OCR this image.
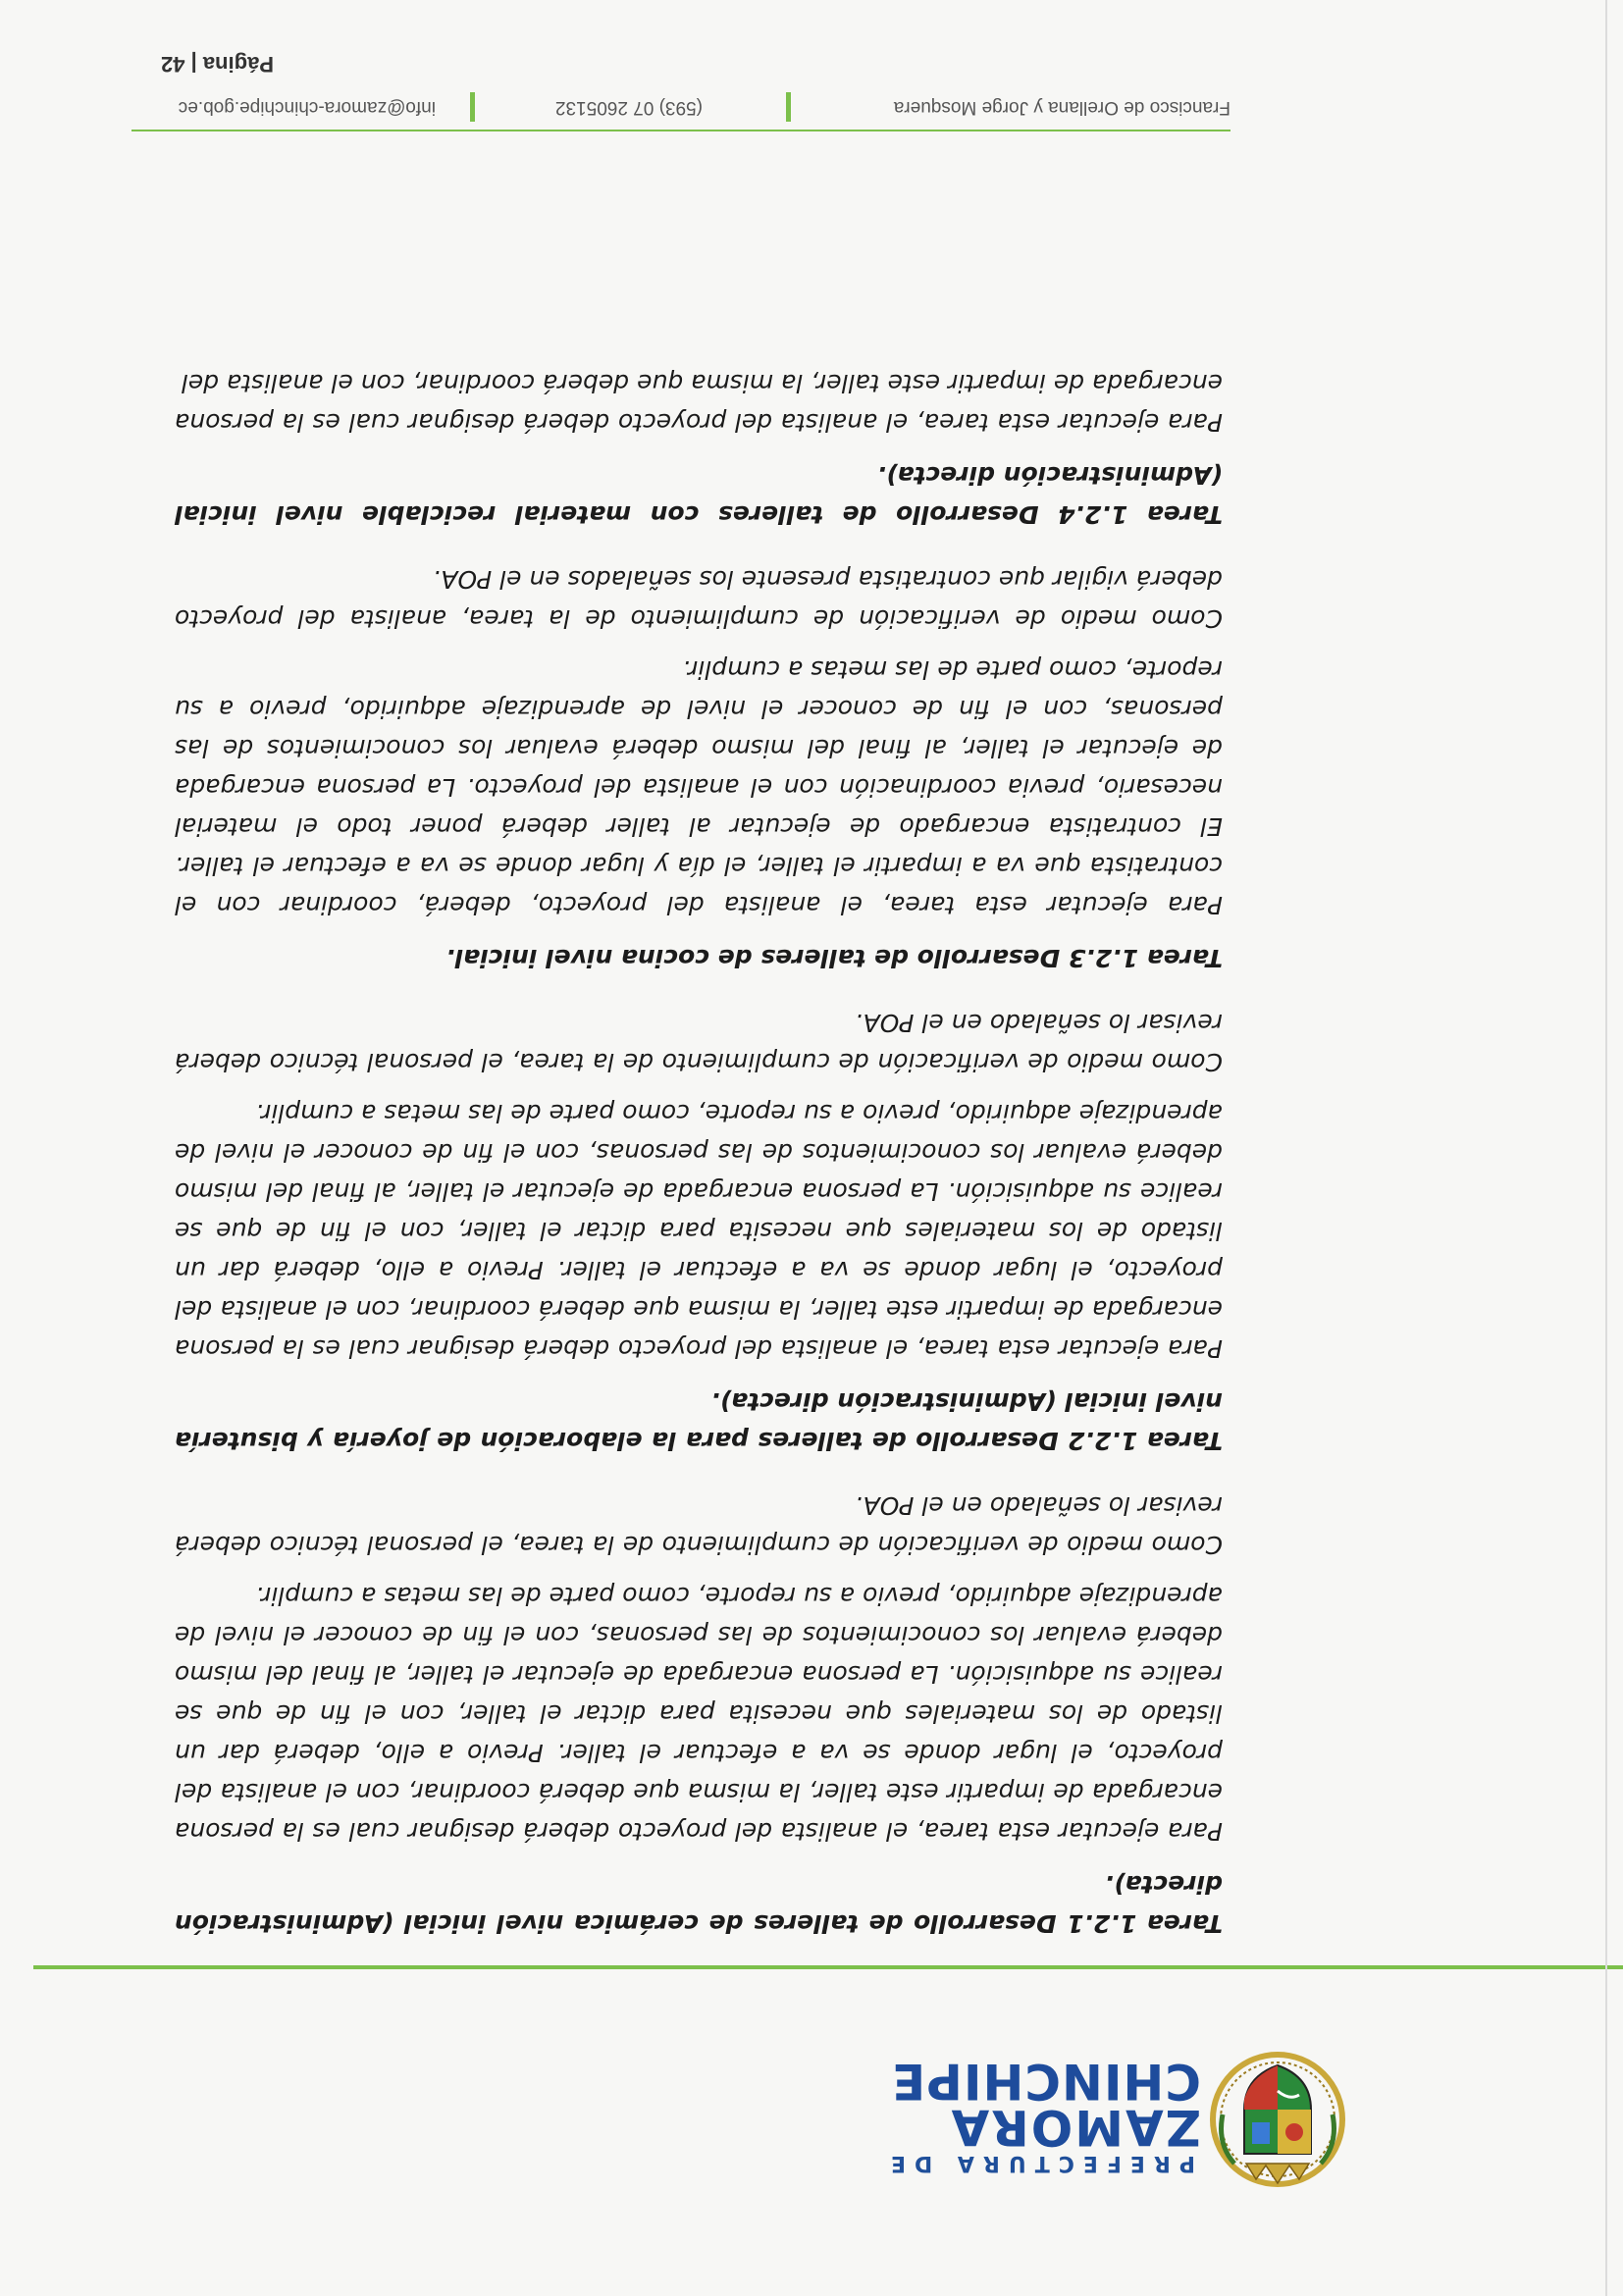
PREFECTURA DE
ZAMORA
CHINCHIPE

Tarea 1.2.1 Desarrollo de talleres de cerámica nivel inicial (Administración directa).

Para ejecutar esta tarea, el analista del proyecto deberá designar cual es la persona encargada de impartir este taller, la misma que deberá coordinar, con el analista del proyecto, el lugar donde se va a efectuar el taller. Previo a ello, deberá dar un listado de los materiales que necesita para dictar el taller, con el fin de que se realice su adquisición. La persona encargada de ejecutar el taller, al final del mismo deberá evaluar los conocimientos de las personas, con el fin de conocer el nivel de aprendizaje adquirido, previo a su reporte, como parte de las metas a cumplir.

Como medio de verificación de cumplimiento de la tarea, el personal técnico deberá revisar lo señalado en el POA.

Tarea 1.2.2 Desarrollo de talleres para la elaboración de joyería y bisutería nivel inicial (Administración directa).

Para ejecutar esta tarea, el analista del proyecto deberá designar cual es la persona encargada de impartir este taller, la misma que deberá coordinar, con el analista del proyecto, el lugar donde se va a efectuar el taller. Previo a ello, deberá dar un listado de los materiales que necesita para dictar el taller, con el fin de que se realice su adquisición. La persona encargada de ejecutar el taller, al final del mismo deberá evaluar los conocimientos de las personas, con el fin de conocer el nivel de aprendizaje adquirido, previo a su reporte, como parte de las metas a cumplir.

Como medio de verificación de cumplimiento de la tarea, el personal técnico deberá revisar lo señalado en el POA.

Tarea 1.2.3 Desarrollo de talleres de cocina nivel inicial.

Para ejecutar esta tarea, el analista del proyecto, deberá, coordinar con el contratista que va a impartir el taller, el día y lugar donde se va a efectuar el taller. El contratista encargado de ejecutar al taller deberá poner todo el material necesario, previa coordinación con el analista del proyecto. La persona encargada de ejecutar el taller, al final del mismo deberá evaluar los conocimientos de las personas, con el fin de conocer el nivel de aprendizaje adquirido, previo a su reporte, como parte de las metas a cumplir.

Como medio de verificación de cumplimiento de la tarea, analista del proyecto deberá vigilar que contratista presente los señalados en el POA.

Tarea 1.2.4 Desarrollo de talleres con material reciclable nivel inicial (Administración directa).

Para ejecutar esta tarea, el analista del proyecto deberá designar cual es la persona encargada de impartir este taller, la misma que deberá coordinar, con el analista del

Francisco de Orellana y Jorge Mosquera
(593) 07 2605132
info@zamora-chinchipe.gob.ec
Página | 42
